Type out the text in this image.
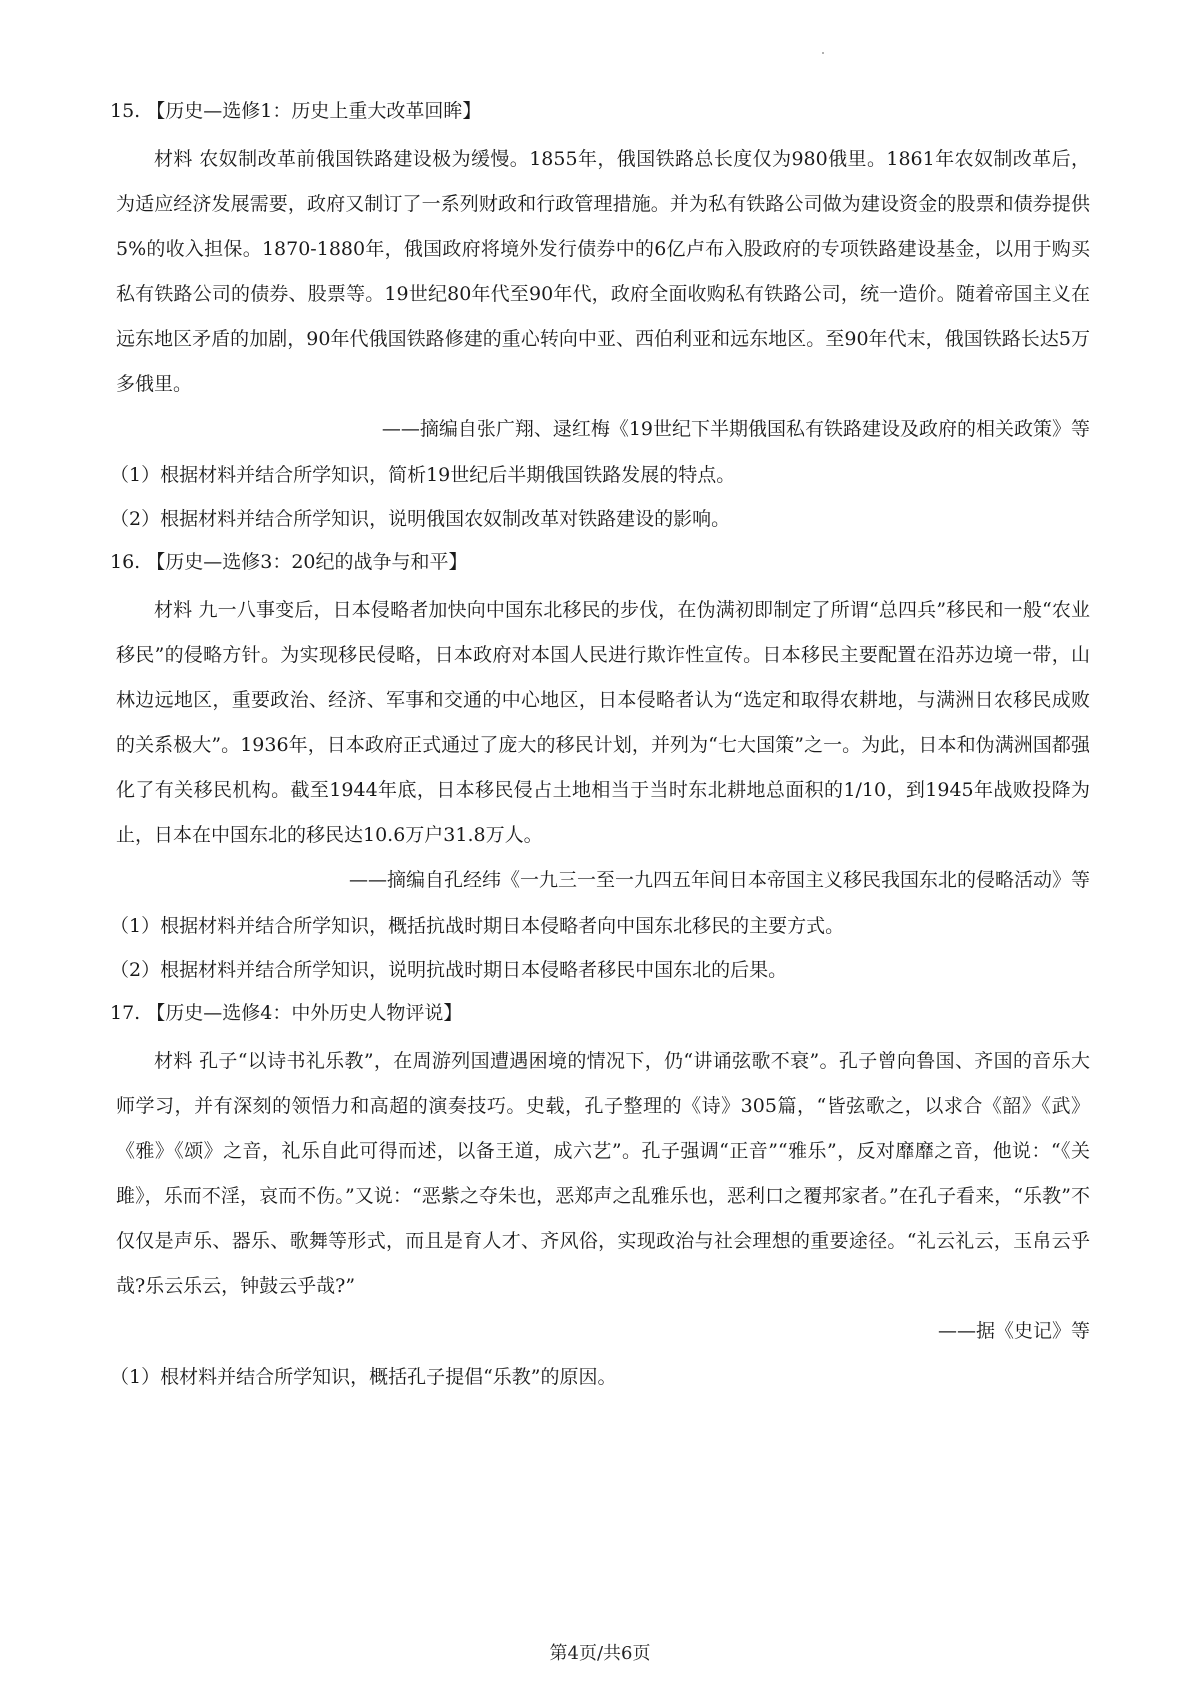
15. 【历史—选修1：历史上重大改革回眸】

材料 农奴制改革前俄国铁路建设极为缓慢。1855年，俄国铁路总长度仅为980俄里。1861年农奴制改革后，为适应经济发展需要，政府又制订了一系列财政和行政管理措施。并为私有铁路公司做为建设资金的股票和债券提供5%的收入担保。1870-1880年，俄国政府将境外发行债券中的6亿卢布入股政府的专项铁路建设基金，以用于购买私有铁路公司的债券、股票等。19世纪80年代至90年代，政府全面收购私有铁路公司，统一造价。随着帝国主义在远东地区矛盾的加剧，90年代俄国铁路修建的重心转向中亚、西伯利亚和远东地区。至90年代末，俄国铁路长达5万多俄里。

——摘编自张广翔、逯红梅《19世纪下半期俄国私有铁路建设及政府的相关政策》等
（1）根据材料并结合所学知识，简析19世纪后半期俄国铁路发展的特点。
（2）根据材料并结合所学知识，说明俄国农奴制改革对铁路建设的影响。
16. 【历史—选修3：20纪的战争与和平】

材料 九一八事变后，日本侵略者加快向中国东北移民的步伐，在伪满初即制定了所谓“总四兵”移民和一般“农业移民”的侵略方针。为实现移民侵略，日本政府对本国人民进行欺诈性宣传。日本移民主要配置在沿苏边境一带，山林边远地区，重要政治、经济、军事和交通的中心地区，日本侵略者认为“选定和取得农耕地，与满洲日农移民成败的关系极大”。1936年，日本政府正式通过了庞大的移民计划，并列为“七大国策”之一。为此，日本和伪满洲国都强化了有关移民机构。截至1944年底，日本移民侵占土地相当于当时东北耕地总面积的1/10，到1945年战败投降为止，日本在中国东北的移民达10.6万户31.8万人。

——摘编自孔经纬《一九三一至一九四五年间日本帝国主义移民我国东北的侵略活动》等
（1）根据材料并结合所学知识，概括抗战时期日本侵略者向中国东北移民的主要方式。
（2）根据材料并结合所学知识，说明抗战时期日本侵略者移民中国东北的后果。
17. 【历史—选修4：中外历史人物评说】

材料 孔子“以诗书礼乐教”，在周游列国遭遇困境的情况下，仍“讲诵弦歌不衰”。孔子曾向鲁国、齐国的音乐大师学习，并有深刻的领悟力和高超的演奏技巧。史载，孔子整理的《诗》305篇，“皆弦歌之，以求合《韶》《武》《雅》《颂》之音，礼乐自此可得而述，以备王道，成六艺”。孔子强调“正音”“雅乐”，反对靡靡之音，他说：“《关雎》，乐而不淫，哀而不伤。”又说：“恶紫之夺朱也，恶郑声之乱雅乐也，恶利口之覆邦家者。”在孔子看来，“乐教”不仅仅是声乐、器乐、歌舞等形式，而且是育人才、齐风俗，实现政治与社会理想的重要途径。“礼云礼云，玉帛云乎哉?乐云乐云，钟鼓云乎哉?”

——据《史记》等
（1）根材料并结合所学知识，概括孔子提倡“乐教”的原因。
第4页/共6页
